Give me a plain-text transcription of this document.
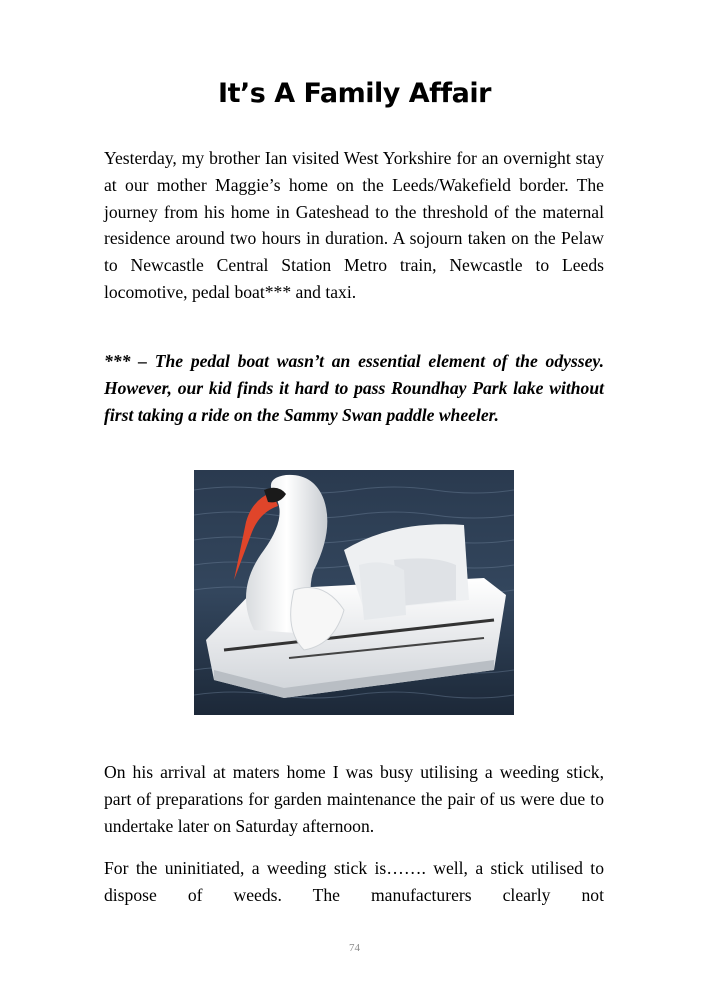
It’s A Family Affair

Yesterday, my brother Ian visited West Yorkshire for an overnight stay at our mother Maggie’s home on the Leeds/Wakefield border. The journey from his home in Gateshead to the threshold of the maternal residence around two hours in duration. A sojourn taken on the Pelaw to Newcastle Central Station Metro train, Newcastle to Leeds locomotive, pedal boat*** and taxi.

*** – The pedal boat wasn’t an essential element of the odyssey. However, our kid finds it hard to pass Roundhay Park lake without first taking a ride on the Sammy Swan paddle wheeler.

On his arrival at maters home I was busy utilising a weeding stick, part of preparations for garden maintenance the pair of us were due to undertake later on Saturday afternoon.

For the uninitiated, a weeding stick is……. well, a stick utilised to dispose of weeds. The manufacturers clearly not

74
